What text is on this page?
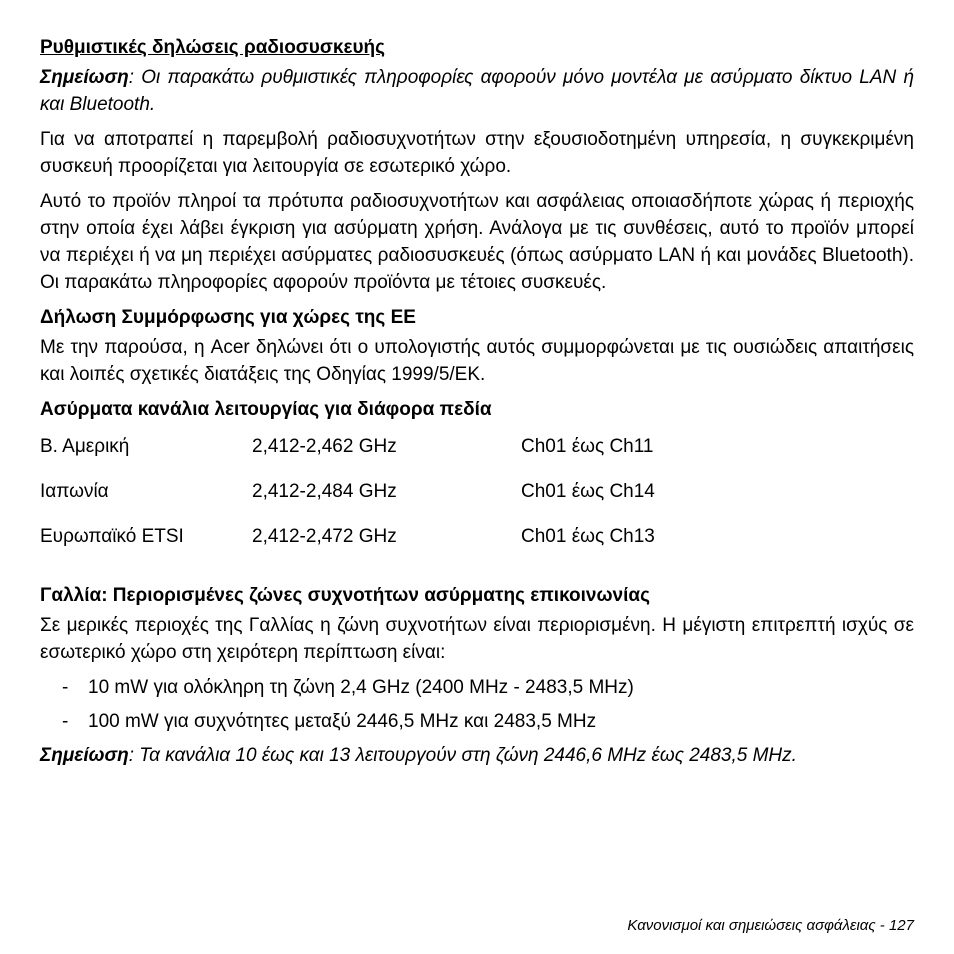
Ρυθμιστικές δηλώσεις ραδιοσυσκευής

Σημείωση: Οι παρακάτω ρυθμιστικές πληροφορίες αφορούν μόνο μοντέλα με ασύρματο δίκτυο LAN ή και Bluetooth.

Για να αποτραπεί η παρεμβολή ραδιοσυχνοτήτων στην εξουσιοδοτημένη υπηρεσία, η συγκεκριμένη συσκευή προορίζεται για λειτουργία σε εσωτερικό χώρο.

Αυτό το προϊόν πληροί τα πρότυπα ραδιοσυχνοτήτων και ασφάλειας οποιασδήποτε χώρας ή περιοχής στην οποία έχει λάβει έγκριση για ασύρματη χρήση. Ανάλογα με τις συνθέσεις, αυτό το προϊόν μπορεί να περιέχει ή να μη περιέχει ασύρματες ραδιοσυσκευές (όπως ασύρματο LAN ή και μονάδες Bluetooth). Οι παρακάτω πληροφορίες αφορούν προϊόντα με τέτοιες συσκευές.

Δήλωση Συμμόρφωσης για χώρες της ΕΕ

Με την παρούσα, η Acer δηλώνει ότι ο υπολογιστής αυτός συμμορφώνεται με τις ουσιώδεις απαιτήσεις και λοιπές σχετικές διατάξεις της Οδηγίας 1999/5/EK.

Ασύρματα κανάλια λειτουργίας για διάφορα πεδία
Β. Αμερική	2,412-2,462 GHz	Ch01 έως Ch11
Ιαπωνία	2,412-2,484 GHz	Ch01 έως Ch14
Ευρωπαϊκό ETSI	2,412-2,472 GHz	Ch01 έως Ch13
Γαλλία: Περιορισμένες ζώνες συχνοτήτων ασύρματης επικοινωνίας

Σε μερικές περιοχές της Γαλλίας η ζώνη συχνοτήτων είναι περιορισμένη. Η μέγιστη επιτρεπτή ισχύς σε εσωτερικό χώρο στη χειρότερη περίπτωση είναι:

-	10 mW για ολόκληρη τη ζώνη 2,4 GHz (2400 MHz - 2483,5 MHz)
-	100 mW για συχνότητες μεταξύ 2446,5 MHz και 2483,5 MHz

Σημείωση: Τα κανάλια 10 έως και 13 λειτουργούν στη ζώνη 2446,6 MHz έως 2483,5 MHz.

Κανονισμοί και σημειώσεις ασφάλειας - 127
